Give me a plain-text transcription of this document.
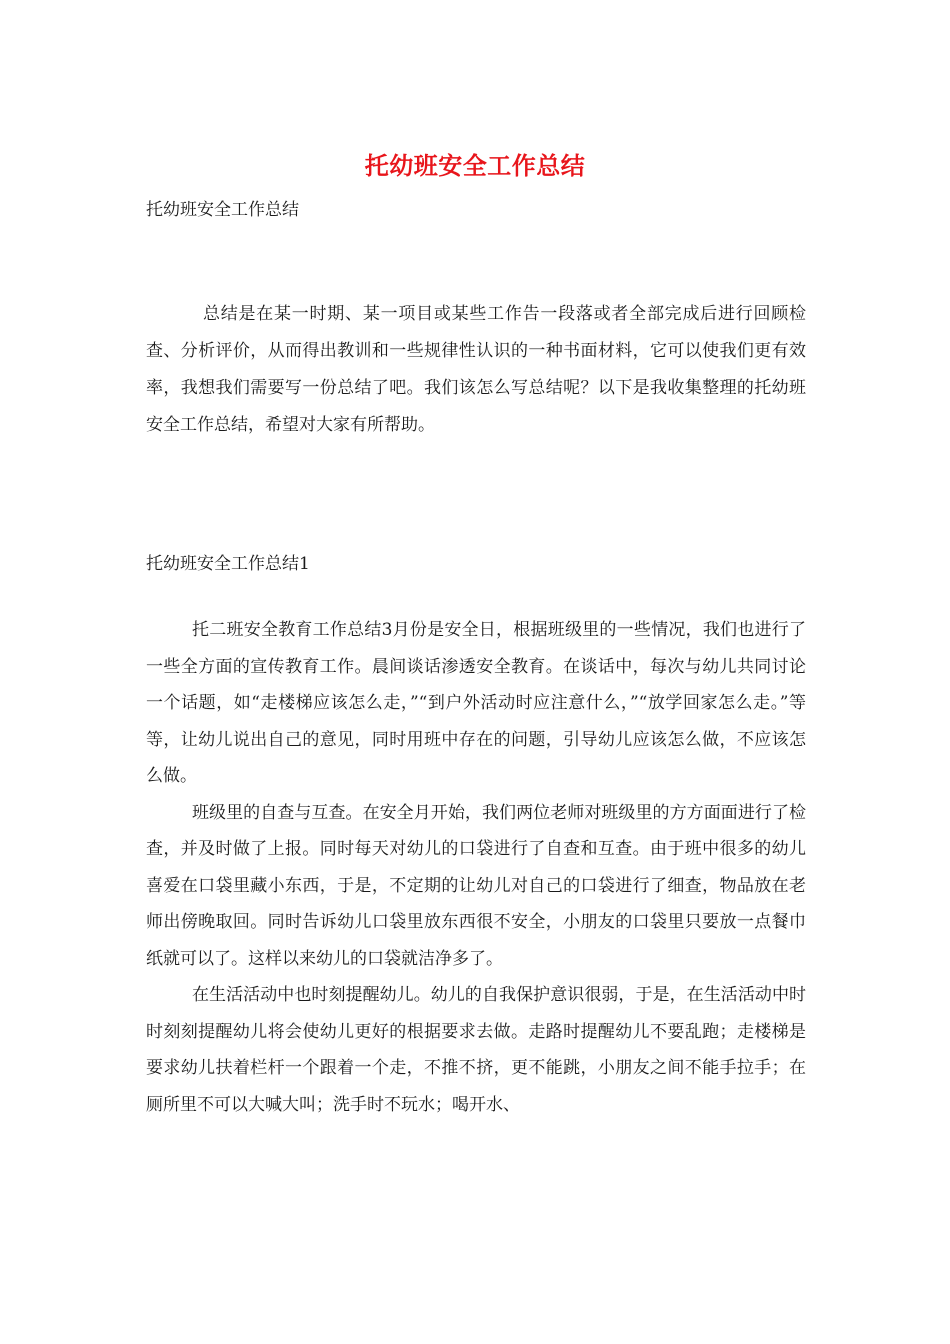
托幼班安全工作总结
托幼班安全工作总结

总结是在某一时期、某一项目或某些工作告一段落或者全部完成后进行回顾检查、分析评价，从而得出教训和一些规律性认识的一种书面材料，它可以使我们更有效率，我想我们需要写一份总结了吧。我们该怎么写总结呢？以下是我收集整理的托幼班安全工作总结，希望对大家有所帮助。

托幼班安全工作总结1

托二班安全教育工作总结3月份是安全日，根据班级里的一些情况，我们也进行了一些全方面的宣传教育工作。晨间谈话渗透安全教育。在谈话中，每次与幼儿共同讨论一个话题，如“走楼梯应该怎么走，”“到户外活动时应注意什么，”“放学回家怎么走。”等等，让幼儿说出自己的意见，同时用班中存在的问题，引导幼儿应该怎么做，不应该怎么做。

班级里的自查与互查。在安全月开始，我们两位老师对班级里的方方面面进行了检查，并及时做了上报。同时每天对幼儿的口袋进行了自查和互查。由于班中很多的幼儿喜爱在口袋里藏小东西，于是，不定期的让幼儿对自己的口袋进行了细查，物品放在老师出傍晚取回。同时告诉幼儿口袋里放东西很不安全，小朋友的口袋里只要放一点餐巾纸就可以了。这样以来幼儿的口袋就洁净多了。

在生活活动中也时刻提醒幼儿。幼儿的自我保护意识很弱，于是，在生活活动中时时刻刻提醒幼儿将会使幼儿更好的根据要求去做。走路时提醒幼儿不要乱跑；走楼梯是要求幼儿扶着栏杆一个跟着一个走，不推不挤，更不能跳，小朋友之间不能手拉手；在厕所里不可以大喊大叫；洗手时不玩水；喝开水、
